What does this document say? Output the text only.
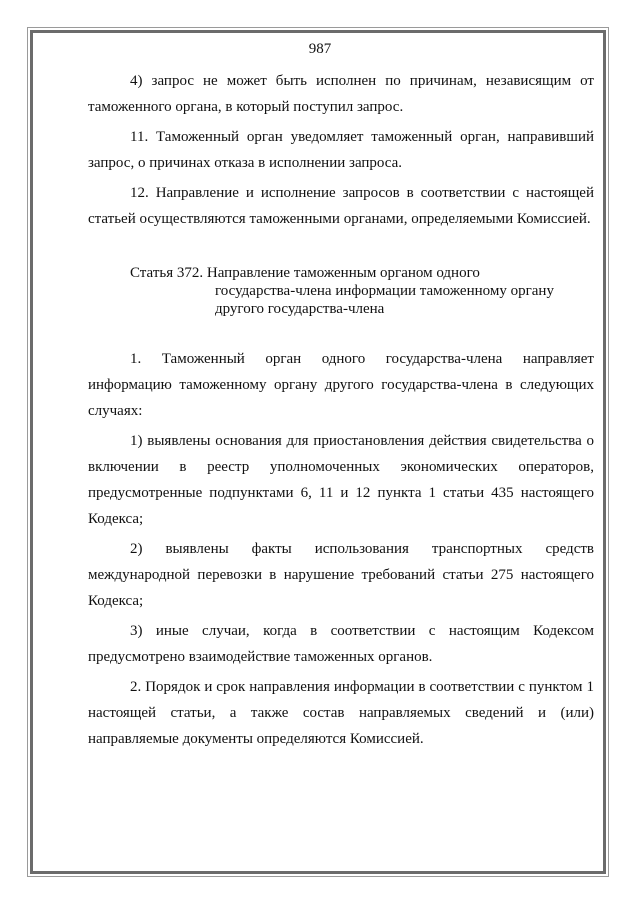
987

4) запрос не может быть исполнен по причинам, независящим от таможенного органа, в который поступил запрос.

11. Таможенный орган уведомляет таможенный орган, направивший запрос, о причинах отказа в исполнении запроса.

12. Направление и исполнение запросов в соответствии с настоящей статьей осуществляются таможенными органами, определяемыми Комиссией.

Статья 372. Направление таможенным органом одного
государства-члена информации таможенному органу
другого государства-члена

1. Таможенный орган одного государства-члена направляет информацию таможенному органу другого государства-члена в следующих случаях:

1) выявлены основания для приостановления действия свидетельства о включении в реестр уполномоченных экономических операторов, предусмотренные подпунктами 6, 11 и 12 пункта 1 статьи 435 настоящего Кодекса;

2) выявлены факты использования транспортных средств международной перевозки в нарушение требований статьи 275 настоящего Кодекса;

3) иные случаи, когда в соответствии с настоящим Кодексом предусмотрено взаимодействие таможенных органов.

2. Порядок и срок направления информации в соответствии с пунктом 1 настоящей статьи, а также состав направляемых сведений и (или) направляемые документы определяются Комиссией.
